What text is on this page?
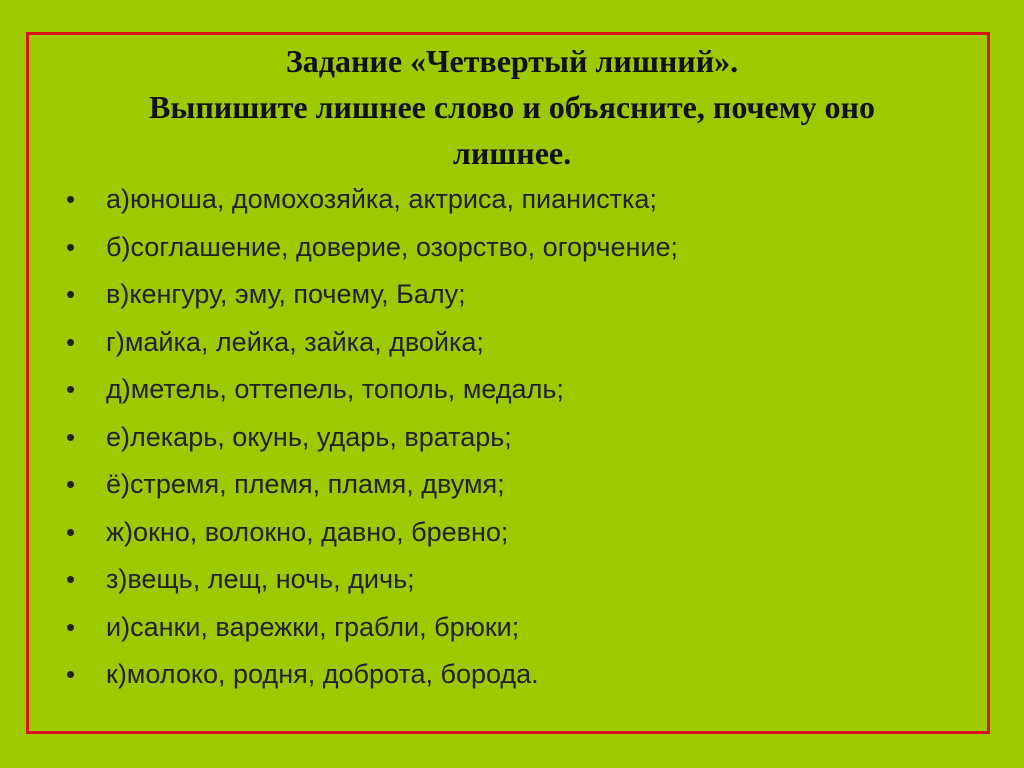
Задание «Четвертый лишний».
Выпишите лишнее слово и объясните, почему оно
лишнее.
• а)юноша, домохозяйка, актриса, пианистка;
• б)соглашение, доверие, озорство, огорчение;
• в)кенгуру, эму, почему, Балу;
• г)майка, лейка, зайка, двойка;
• д)метель, оттепель, тополь, медаль;
• е)лекарь, окунь, ударь, вратарь;
• ё)стремя, племя, пламя, двумя;
• ж)окно, волокно, давно, бревно;
• з)вещь, лещ, ночь, дичь;
• и)санки, варежки, грабли, брюки;
• к)молоко, родня, доброта, борода.
